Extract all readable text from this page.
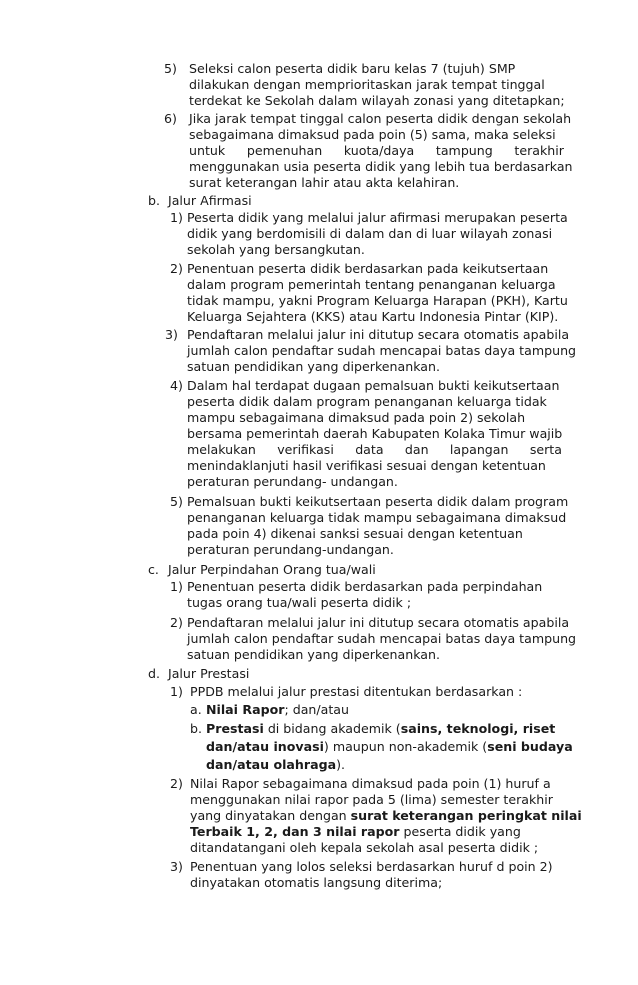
5) Seleksi calon peserta didik baru kelas 7 (tujuh) SMP
dilakukan dengan memprioritaskan jarak tempat tinggal
terdekat ke Sekolah dalam wilayah zonasi yang ditetapkan;
6) Jika jarak tempat tinggal calon peserta didik dengan sekolah
sebagaimana dimaksud pada poin (5) sama, maka seleksi
untuk pemenuhan kuota/daya tampung terakhir
menggunakan usia peserta didik yang lebih tua berdasarkan
surat keterangan lahir atau akta kelahiran.
b. Jalur Afirmasi
1) Peserta didik yang melalui jalur afirmasi merupakan peserta
didik yang berdomisili di dalam dan di luar wilayah zonasi
sekolah yang bersangkutan.
2) Penentuan peserta didik berdasarkan pada keikutsertaan
dalam program pemerintah tentang penanganan keluarga
tidak mampu, yakni Program Keluarga Harapan (PKH), Kartu
Keluarga Sejahtera (KKS) atau Kartu Indonesia Pintar (KIP).
3) Pendaftaran melalui jalur ini ditutup secara otomatis apabila
jumlah calon pendaftar sudah mencapai batas daya tampung
satuan pendidikan yang diperkenankan.
4) Dalam hal terdapat dugaan pemalsuan bukti keikutsertaan
peserta didik dalam program penanganan keluarga tidak
mampu sebagaimana dimaksud pada poin 2) sekolah
bersama pemerintah daerah Kabupaten Kolaka Timur wajib
melakukan verifikasi data dan lapangan serta
menindaklanjuti hasil verifikasi sesuai dengan ketentuan
peraturan perundang- undangan.
5) Pemalsuan bukti keikutsertaan peserta didik dalam program
penanganan keluarga tidak mampu sebagaimana dimaksud
pada poin 4) dikenai sanksi sesuai dengan ketentuan
peraturan perundang-undangan.
c. Jalur Perpindahan Orang tua/wali
1) Penentuan peserta didik berdasarkan pada perpindahan
tugas orang tua/wali peserta didik ;
2) Pendaftaran melalui jalur ini ditutup secara otomatis apabila
jumlah calon pendaftar sudah mencapai batas daya tampung
satuan pendidikan yang diperkenankan.
d. Jalur Prestasi
1) PPDB melalui jalur prestasi ditentukan berdasarkan :
a. Nilai Rapor; dan/atau
b. Prestasi di bidang akademik (sains, teknologi, riset
dan/atau inovasi) maupun non-akademik (seni budaya
dan/atau olahraga).
2) Nilai Rapor sebagaimana dimaksud pada poin (1) huruf a
menggunakan nilai rapor pada 5 (lima) semester terakhir
yang dinyatakan dengan surat keterangan peringkat nilai
Terbaik 1, 2, dan 3 nilai rapor peserta didik yang
ditandatangani oleh kepala sekolah asal peserta didik ;
3) Penentuan yang lolos seleksi berdasarkan huruf d poin 2)
dinyatakan otomatis langsung diterima;
